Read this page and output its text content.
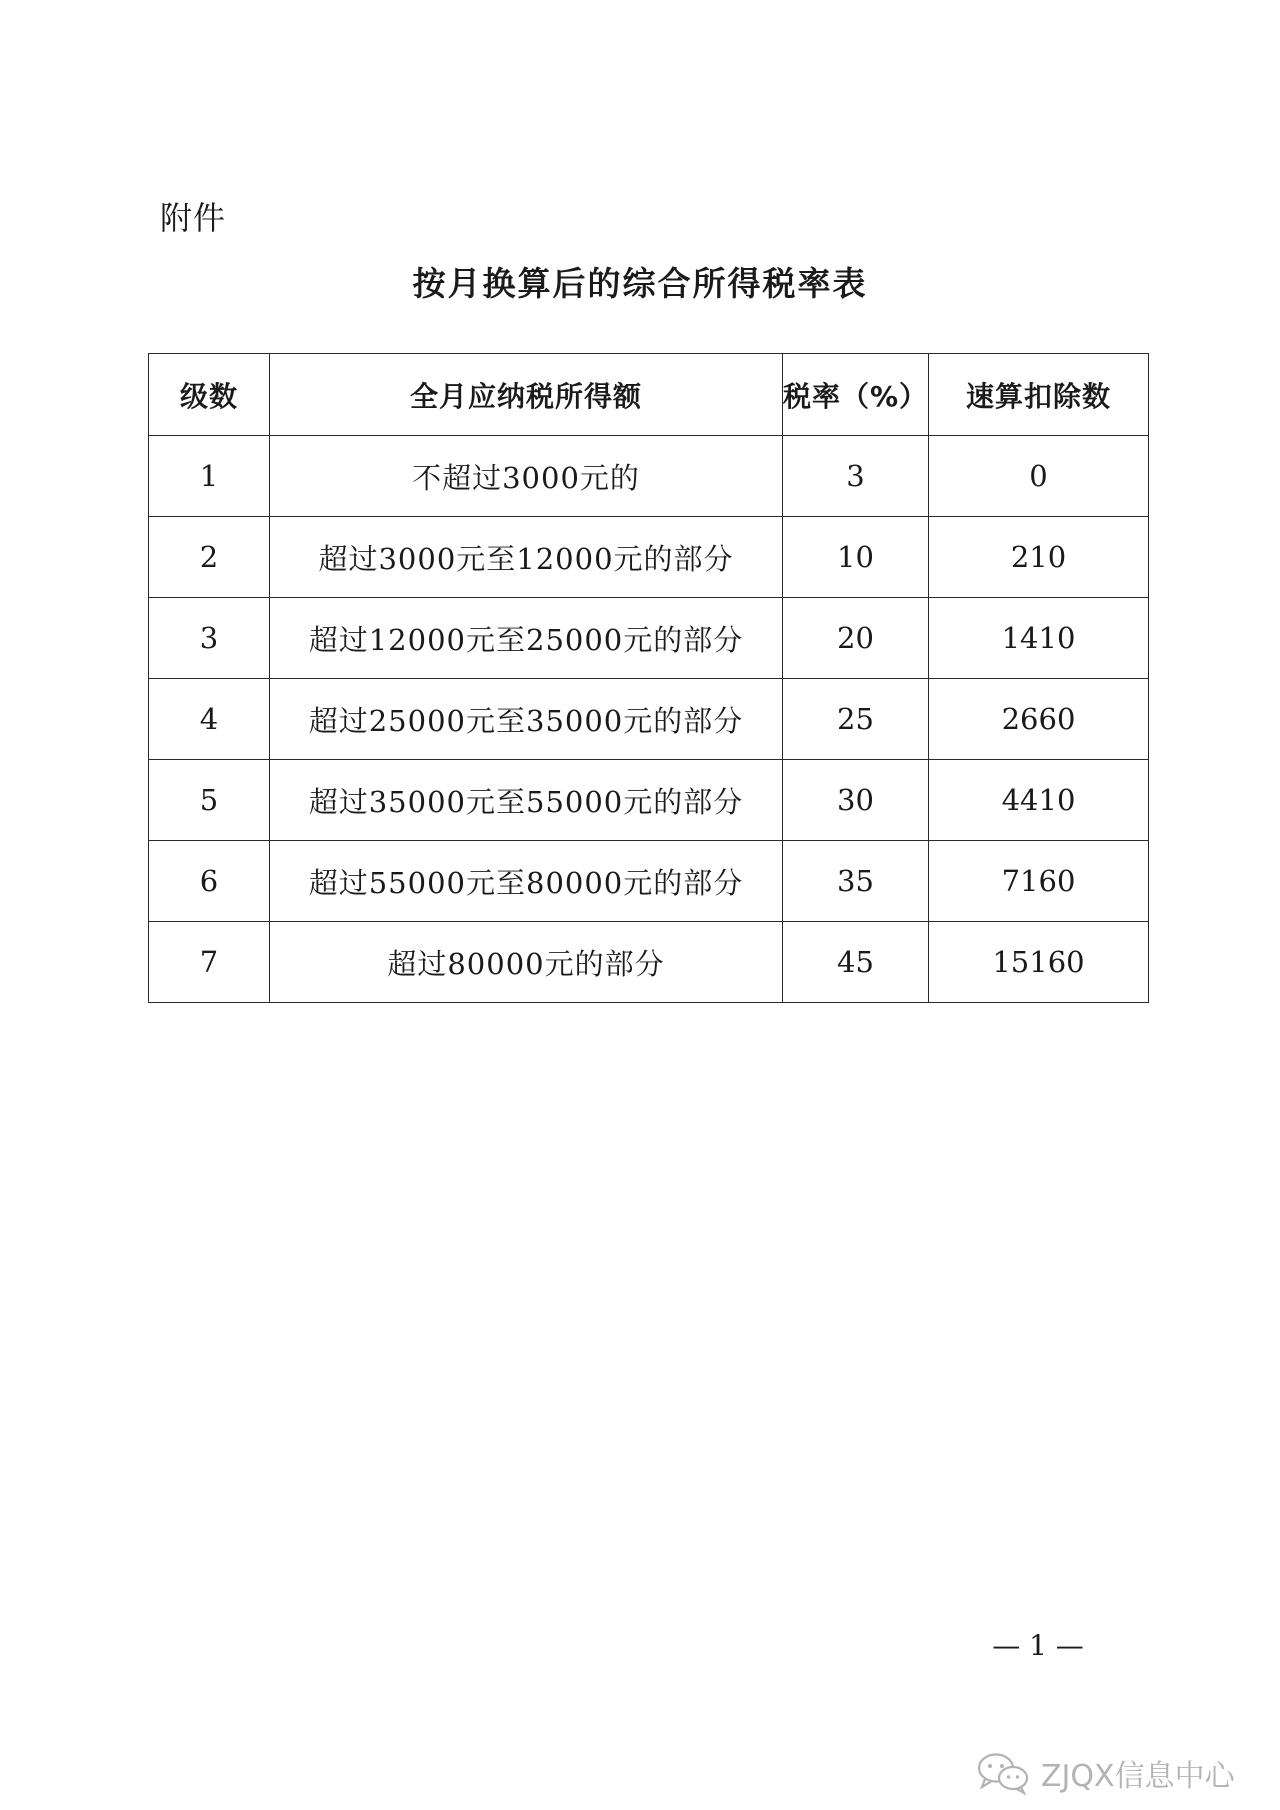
附件
按月换算后的综合所得税率表
级数	全月应纳税所得额	税率（%）	速算扣除数
1	不超过3000元的	3	0
2	超过3000元至12000元的部分	10	210
3	超过12000元至25000元的部分	20	1410
4	超过25000元至35000元的部分	25	2660
5	超过35000元至55000元的部分	30	4410
6	超过55000元至80000元的部分	35	7160
7	超过80000元的部分	45	15160
— 1 —
ZJQX信息中心
